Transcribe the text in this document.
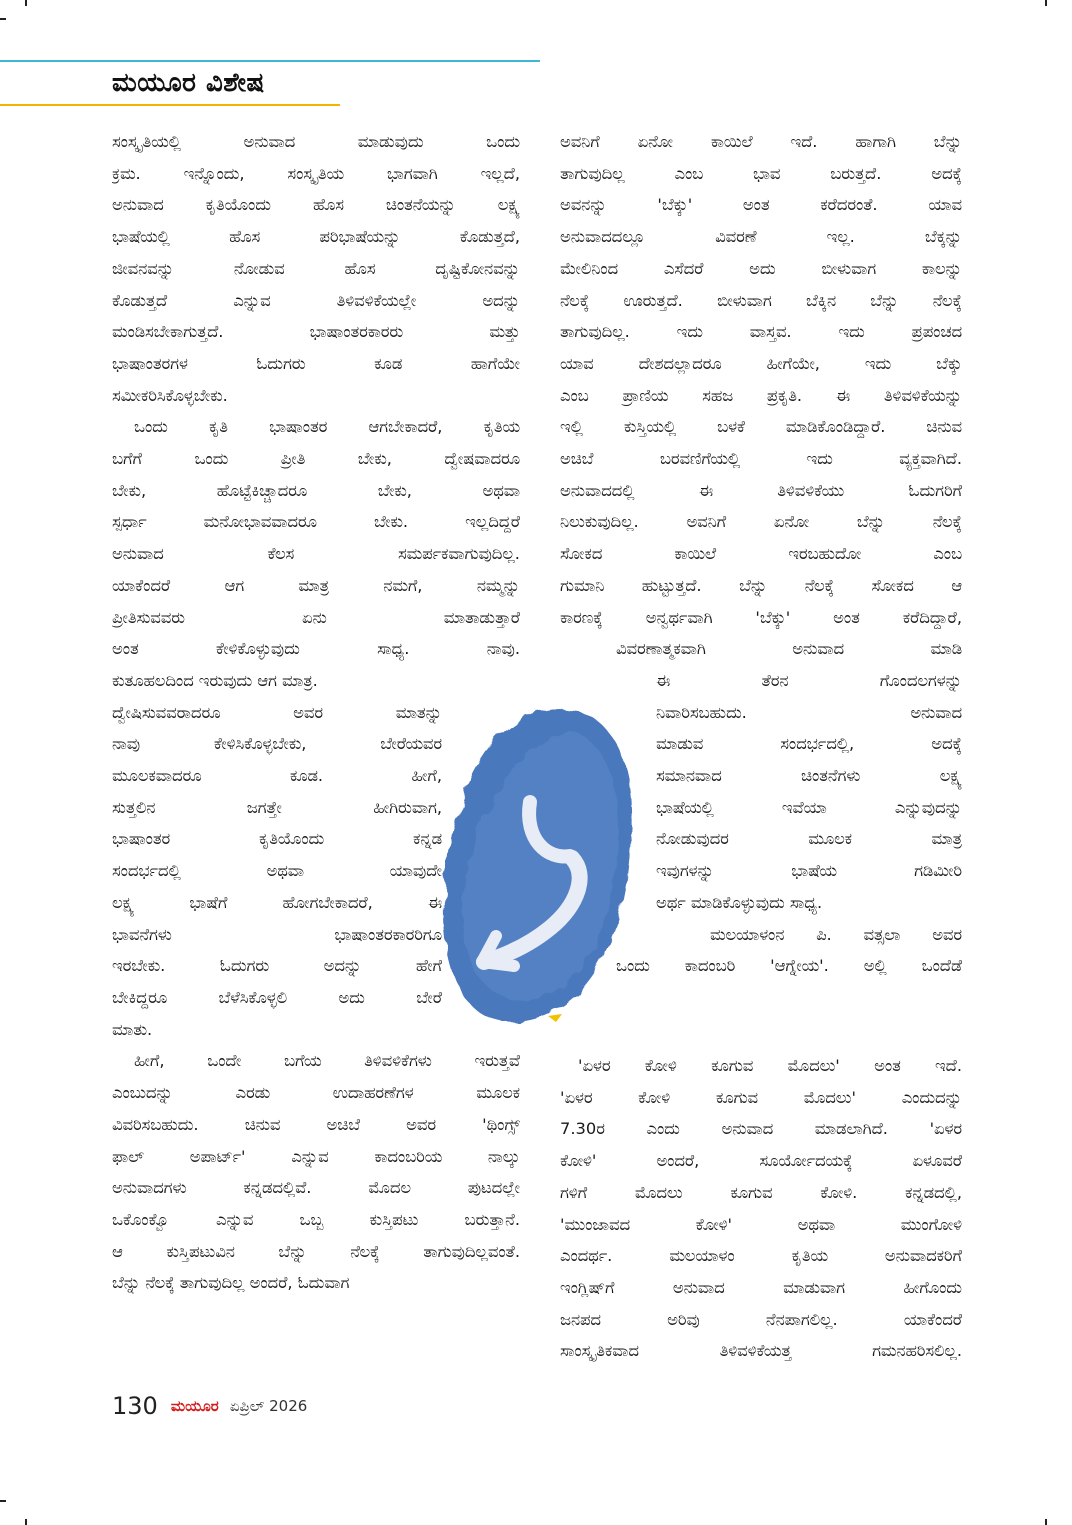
ಮಯೂರ ವಿಶೇಷ
ಸಂಸ್ಕೃತಿಯಲ್ಲಿ ಅನುವಾದ ಮಾಡುವುದು ಒಂದು
ಕ್ರಮ. ಇನ್ನೊಂದು, ಸಂಸ್ಕೃತಿಯ ಭಾಗವಾಗಿ ಇಲ್ಲದೆ,
ಅನುವಾದ ಕೃತಿಯೊಂದು ಹೊಸ ಚಿಂತನೆಯನ್ನು ಲಕ್ಷ್ಯ
ಭಾಷೆಯಲ್ಲಿ ಹೊಸ ಪರಿಭಾಷೆಯನ್ನು ಕೊಡುತ್ತದೆ,
ಜೀವನವನ್ನು ನೋಡುವ ಹೊಸ ದೃಷ್ಟಿಕೋನವನ್ನು
ಕೊಡುತ್ತದೆ ಎನ್ನುವ ತಿಳಿವಳಿಕೆಯಲ್ಲೇ ಅದನ್ನು
ಮಂಡಿಸಬೇಕಾಗುತ್ತದೆ. ಭಾಷಾಂತರಕಾರರು ಮತ್ತು
ಭಾಷಾಂತರಗಳ ಓದುಗರು ಕೂಡ ಹಾಗೆಯೇ
ಸಮೀಕರಿಸಿಕೊಳ್ಳಬೇಕು.
ಒಂದು ಕೃತಿ ಭಾಷಾಂತರ ಆಗಬೇಕಾದರೆ, ಕೃತಿಯ
ಬಗೆಗೆ ಒಂದು ಪ್ರೀತಿ ಬೇಕು, ದ್ವೇಷವಾದರೂ
ಬೇಕು, ಹೊಟ್ಟೆಕಿಚ್ಚಾದರೂ ಬೇಕು, ಅಥವಾ
ಸ್ಪರ್ಧಾ ಮನೋಭಾವವಾದರೂ ಬೇಕು. ಇಲ್ಲದಿದ್ದರೆ
ಅನುವಾದ ಕೆಲಸ ಸಮರ್ಪಕವಾಗುವುದಿಲ್ಲ.
ಯಾಕೆಂದರೆ ಆಗ ಮಾತ್ರ ನಮಗೆ, ನಮ್ಮನ್ನು
ಪ್ರೀತಿಸುವವರು ಏನು ಮಾತಾಡುತ್ತಾರೆ
ಅಂತ ಕೇಳಿಕೊಳ್ಳುವುದು ಸಾಧ್ಯ. ನಾವು.
ಕುತೂಹಲದಿಂದ ಇರುವುದು ಆಗ ಮಾತ್ರ.
ದ್ವೇಷಿಸುವವರಾದರೂ ಅವರ ಮಾತನ್ನು
ನಾವು ಕೇಳಿಸಿಕೊಳ್ಳಬೇಕು, ಬೇರೆಯವರ
ಮೂಲಕವಾದರೂ ಕೂಡ. ಹೀಗೆ,
ಸುತ್ತಲಿನ ಜಗತ್ತೇ ಹೀಗಿರುವಾಗ,
ಭಾಷಾಂತರ ಕೃತಿಯೊಂದು ಕನ್ನಡ
ಸಂದರ್ಭದಲ್ಲಿ ಅಥವಾ ಯಾವುದೇ
ಲಕ್ಷ್ಯ ಭಾಷೆಗೆ ಹೋಗಬೇಕಾದರೆ, ಈ
ಭಾವನೆಗಳು ಭಾಷಾಂತರಕಾರರಿಗೂ
ಇರಬೇಕು. ಓದುಗರು ಅದನ್ನು ಹೇಗೆ
ಬೇಕಿದ್ದರೂ ಬೆಳೆಸಿಕೊಳ್ಳಲಿ ಅದು ಬೇರೆ
ಮಾತು.
ಹೀಗೆ, ಒಂದೇ ಬಗೆಯ ತಿಳಿವಳಿಕೆಗಳು ಇರುತ್ತವೆ
ಎಂಬುದನ್ನು ಎರಡು ಉದಾಹರಣೆಗಳ ಮೂಲಕ
ವಿವರಿಸಬಹುದು. ಚಿನುವ ಅಚಿಬೆ ಅವರ 'ಥಿಂಗ್ಸ್
ಫಾಲ್ ಅಪಾರ್ಟ್' ಎನ್ನುವ ಕಾದಂಬರಿಯ ನಾಲ್ಕು
ಅನುವಾದಗಳು ಕನ್ನಡದಲ್ಲಿವೆ. ಮೊದಲ ಪುಟದಲ್ಲೇ
ಒಕೊಂಕ್ವೊ ಎನ್ನುವ ಒಬ್ಬ ಕುಸ್ತಿಪಟು ಬರುತ್ತಾನೆ.
ಆ ಕುಸ್ತಿಪಟುವಿನ ಬೆನ್ನು ನೆಲಕ್ಕೆ ತಾಗುವುದಿಲ್ಲವಂತೆ.
ಬೆನ್ನು ನೆಲಕ್ಕೆ ತಾಗುವುದಿಲ್ಲ ಅಂದರೆ, ಓದುವಾಗ
ಅವನಿಗೆ ಏನೋ ಕಾಯಿಲೆ ಇದೆ. ಹಾಗಾಗಿ ಬೆನ್ನು
ತಾಗುವುದಿಲ್ಲ ಎಂಬ ಭಾವ ಬರುತ್ತದೆ. ಅದಕ್ಕೆ
ಅವನನ್ನು 'ಬೆಕ್ಕು' ಅಂತ ಕರೆದರಂತೆ. ಯಾವ
ಅನುವಾದದಲ್ಲೂ ವಿವರಣೆ ಇಲ್ಲ. ಬೆಕ್ಕನ್ನು
ಮೇಲಿನಿಂದ ಎಸೆದರೆ ಅದು ಬೀಳುವಾಗ ಕಾಲನ್ನು
ನೆಲಕ್ಕೆ ಊರುತ್ತದೆ. ಬೀಳುವಾಗ ಬೆಕ್ಕಿನ ಬೆನ್ನು ನೆಲಕ್ಕೆ
ತಾಗುವುದಿಲ್ಲ. ಇದು ವಾಸ್ತವ. ಇದು ಪ್ರಪಂಚದ
ಯಾವ ದೇಶದಲ್ಲಾದರೂ ಹೀಗೆಯೇ, ಇದು ಬೆಕ್ಕು
ಎಂಬ ಪ್ರಾಣಿಯ ಸಹಜ ಪ್ರಕೃತಿ. ಈ ತಿಳಿವಳಿಕೆಯನ್ನು
ಇಲ್ಲಿ ಕುಸ್ತಿಯಲ್ಲಿ ಬಳಕೆ ಮಾಡಿಕೊಂಡಿದ್ದಾರೆ. ಚಿನುವ
ಅಚಿಬೆ ಬರವಣಿಗೆಯಲ್ಲಿ ಇದು ವ್ಯಕ್ತವಾಗಿದೆ.
ಅನುವಾದದಲ್ಲಿ ಈ ತಿಳಿವಳಿಕೆಯು ಓದುಗರಿಗೆ
ನಿಲುಕುವುದಿಲ್ಲ. ಅವನಿಗೆ ಏನೋ ಬೆನ್ನು ನೆಲಕ್ಕೆ
ಸೋಕದ ಕಾಯಿಲೆ ಇರಬಹುದೋ ಎಂಬ
ಗುಮಾನಿ ಹುಟ್ಟುತ್ತದೆ. ಬೆನ್ನು ನೆಲಕ್ಕೆ ಸೋಕದ ಆ
ಕಾರಣಕ್ಕೆ ಅನ್ವರ್ಥವಾಗಿ 'ಬೆಕ್ಕು' ಅಂತ ಕರೆದಿದ್ದಾರೆ,
ವಿವರಣಾತ್ಮಕವಾಗಿ ಅನುವಾದ ಮಾಡಿ
ಈ ತೆರನ ಗೊಂದಲಗಳನ್ನು
ನಿವಾರಿಸಬಹುದು. ಅನುವಾದ
ಮಾಡುವ ಸಂದರ್ಭದಲ್ಲಿ, ಅದಕ್ಕೆ
ಸಮಾನವಾದ ಚಿಂತನೆಗಳು ಲಕ್ಷ್ಯ
ಭಾಷೆಯಲ್ಲಿ ಇವೆಯಾ ಎನ್ನುವುದನ್ನು
ನೋಡುವುದರ ಮೂಲಕ ಮಾತ್ರ
ಇವುಗಳನ್ನು ಭಾಷೆಯ ಗಡಿಮೀರಿ
ಅರ್ಥ ಮಾಡಿಕೊಳ್ಳುವುದು ಸಾಧ್ಯ.
ಮಲಯಾಳಂನ ಪಿ. ವತ್ಸಲಾ ಅವರ
ಒಂದು ಕಾದಂಬರಿ 'ಆಗ್ನೇಯ'. ಅಲ್ಲಿ ಒಂದೆಡೆ
'ಏಳರ ಕೋಳಿ ಕೂಗುವ ಮೊದಲು' ಅಂತ ಇದೆ.
'ಏಳರ ಕೋಳಿ ಕೂಗುವ ಮೊದಲು' ಎಂದುದನ್ನು
7.30ರ ಎಂದು ಅನುವಾದ ಮಾಡಲಾಗಿದೆ. 'ಏಳರ
ಕೋಳಿ' ಅಂದರೆ, ಸೂರ್ಯೋದಯಕ್ಕೆ ಏಳೂವರೆ
ಗಳಿಗೆ ಮೊದಲು ಕೂಗುವ ಕೋಳಿ. ಕನ್ನಡದಲ್ಲಿ,
'ಮುಂಜಾವದ ಕೋಳಿ' ಅಥವಾ ಮುಂಗೋಳಿ
ಎಂದರ್ಥ. ಮಲಯಾಳಂ ಕೃತಿಯ ಅನುವಾದಕರಿಗೆ
ಇಂಗ್ಲಿಷ್‌ಗೆ ಅನುವಾದ ಮಾಡುವಾಗ ಹೀಗೊಂದು
ಜನಪದ ಅರಿವು ನೆನಪಾಗಲಿಲ್ಲ. ಯಾಕೆಂದರೆ
ಸಾಂಸ್ಕೃತಿಕವಾದ ತಿಳಿವಳಿಕೆಯತ್ತ ಗಮನಹರಿಸಲಿಲ್ಲ.
130 ಮಯೂರ ಏಪ್ರಿಲ್ 2026
